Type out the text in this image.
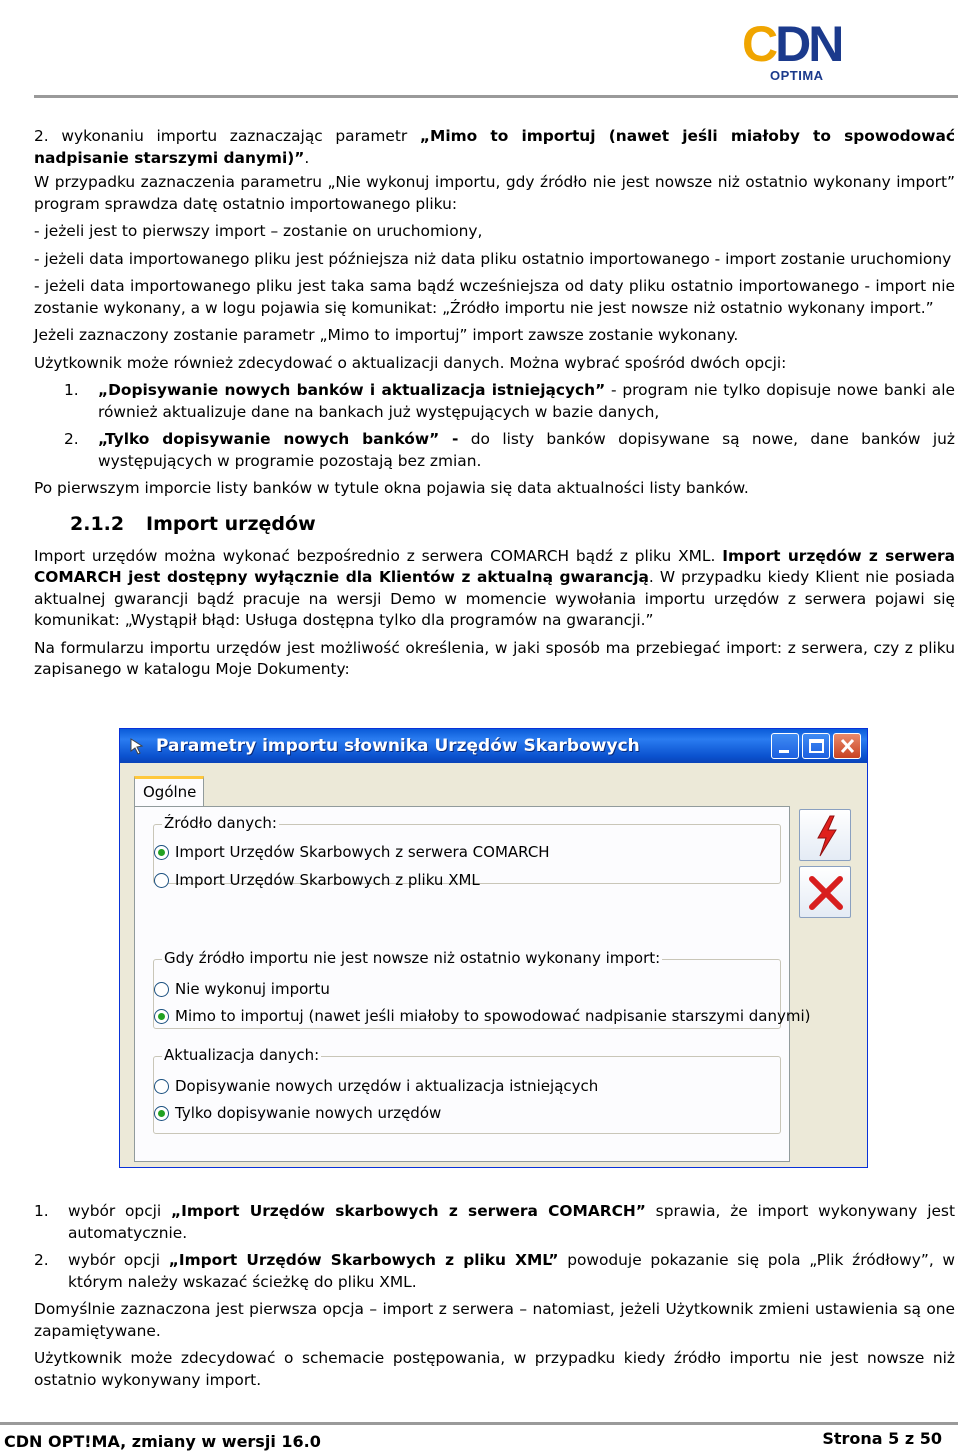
CDN
OPTIMA
2. wykonaniu importu zaznaczając parametr „Mimo to importuj (nawet jeśli miałoby to spowodować nadpisanie starszymi danymi)”.
W przypadku zaznaczenia parametru „Nie wykonuj importu, gdy źródło nie jest nowsze niż ostatnio wykonany import” program sprawdza datę ostatnio importowanego pliku:
- jeżeli jest to pierwszy import – zostanie on uruchomiony,
- jeżeli data importowanego pliku jest późniejsza niż data pliku ostatnio importowanego - import zostanie uruchomiony
- jeżeli data importowanego pliku jest taka sama bądź wcześniejsza od daty pliku ostatnio importowanego - import nie zostanie wykonany, a w logu pojawia się komunikat: „Źródło importu nie jest nowsze niż ostatnio wykonany import.”
Jeżeli zaznaczony zostanie parametr „Mimo to importuj” import zawsze zostanie wykonany.
Użytkownik może również zdecydować o aktualizacji danych. Można wybrać spośród dwóch opcji:
1.	„Dopisywanie nowych banków i aktualizacja istniejących” - program nie tylko dopisuje nowe banki ale również aktualizuje dane na bankach już występujących w bazie danych,
2.	„Tylko dopisywanie nowych banków” - do listy banków dopisywane są nowe, dane banków już występujących w programie pozostają bez zmian.
Po pierwszym imporcie listy banków w tytule okna pojawia się data aktualności listy banków.
2.1.2 Import urzędów
Import urzędów można wykonać bezpośrednio z serwera COMARCH bądź z pliku XML. Import urzędów z serwera COMARCH jest dostępny wyłącznie dla Klientów z aktualną gwarancją. W przypadku kiedy Klient nie posiada aktualnej gwarancji bądź pracuje na wersji Demo w momencie wywołania importu urzędów z serwera pojawi się komunikat: „Wystąpił błąd: Usługa dostępna tylko dla programów na gwarancji.”
Na formularzu importu urzędów jest możliwość określenia, w jaki sposób ma przebiegać import: z serwera, czy z pliku zapisanego w katalogu Moje Dokumenty:
Parametry importu słownika Urzędów Skarbowych
Ogólne
Źródło danych:
Import Urzędów Skarbowych z serwera COMARCH
Import Urzędów Skarbowych z pliku XML
Gdy źródło importu nie jest nowsze niż ostatnio wykonany import:
Nie wykonuj importu
Mimo to importuj (nawet jeśli miałoby to spowodować nadpisanie starszymi danymi)
Aktualizacja danych:
Dopisywanie nowych urzędów i aktualizacja istniejących
Tylko dopisywanie nowych urzędów
1.	wybór opcji „Import Urzędów skarbowych z serwera COMARCH” sprawia, że import wykonywany jest automatycznie.
2.	wybór opcji „Import Urzędów Skarbowych z pliku XML” powoduje pokazanie się pola „Plik źródłowy”, w którym należy wskazać ścieżkę do pliku XML.
Domyślnie zaznaczona jest pierwsza opcja – import z serwera – natomiast, jeżeli Użytkownik zmieni ustawienia są one zapamiętywane.
Użytkownik może zdecydować o schemacie postępowania, w przypadku kiedy źródło importu nie jest nowsze niż ostatnio wykonywany import.
CDN OPT!MA, zmiany w wersji 16.0	Strona 5 z 50
